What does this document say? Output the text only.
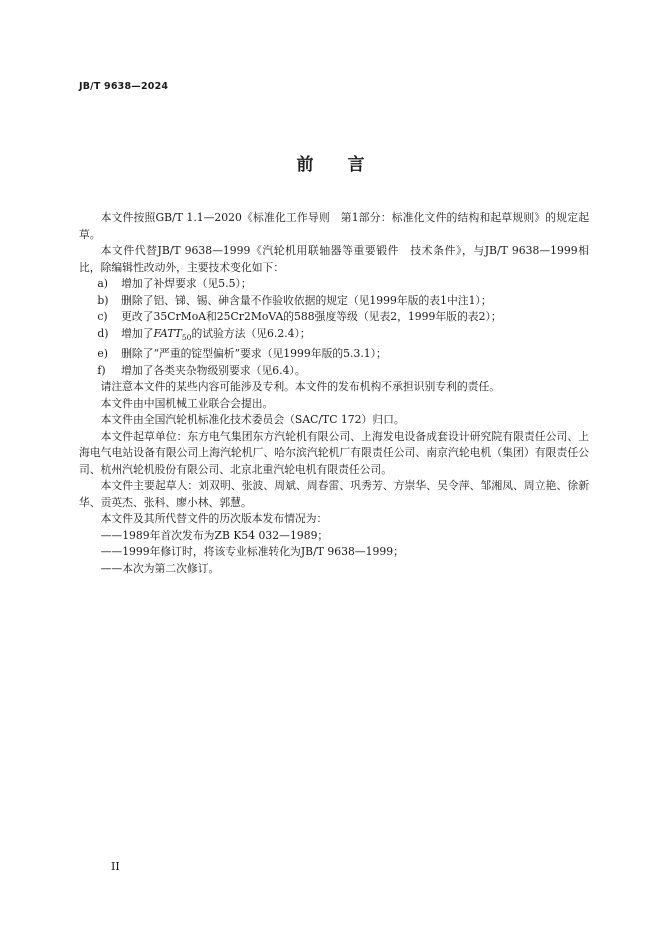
JB/T 9638—2024
前 言

本文件按照GB/T 1.1—2020《标准化工作导则　第1部分：标准化文件的结构和起草规则》的规定起草。

本文件代替JB/T 9638—1999《汽轮机用联轴器等重要锻件　技术条件》，与JB/T 9638—1999相比，除编辑性改动外，主要技术变化如下：

a) 增加了补焊要求（见5.5）；
b) 删除了铝、锑、锡、砷含量不作验收依据的规定（见1999年版的表1中注1）；
c) 更改了35CrMoA和25Cr2MoVA的588强度等级（见表2，1999年版的表2）；
d) 增加了$FATT_{50}$的试验方法（见6.2.4）；
e) 删除了“严重的锭型偏析”要求（见1999年版的5.3.1）；
f) 增加了各类夹杂物级别要求（见6.4）。

请注意本文件的某些内容可能涉及专利。本文件的发布机构不承担识别专利的责任。

本文件由中国机械工业联合会提出。

本文件由全国汽轮机标准化技术委员会（SAC/TC 172）归口。

本文件起草单位：东方电气集团东方汽轮机有限公司、上海发电设备成套设计研究院有限责任公司、上海电气电站设备有限公司上海汽轮机厂、哈尔滨汽轮机厂有限责任公司、南京汽轮电机（集团）有限责任公司、杭州汽轮机股份有限公司、北京北重汽轮电机有限责任公司。

本文件主要起草人：刘双明、张波、周斌、周春雷、巩秀芳、方崇华、吴令萍、邹湘凤、周立艳、徐新华、贡英杰、张科、廖小林、郭慧。

本文件及其所代替文件的历次版本发布情况为：

——1989年首次发布为ZB K54 032—1989；
——1999年修订时，将该专业标准转化为JB/T 9638—1999；
——本次为第二次修订。
II
